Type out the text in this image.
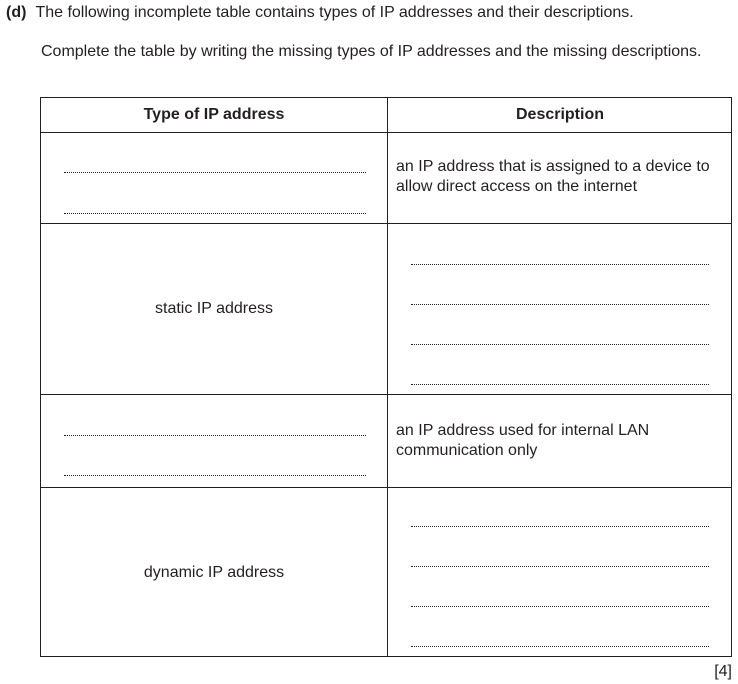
(d) The following incomplete table contains types of IP addresses and their descriptions.
Complete the table by writing the missing types of IP addresses and the missing descriptions.
Type of IP address	Description
an IP address that is assigned to a device to allow direct access on the internet
static IP address
an IP address used for internal LAN communication only
dynamic IP address
[4]
